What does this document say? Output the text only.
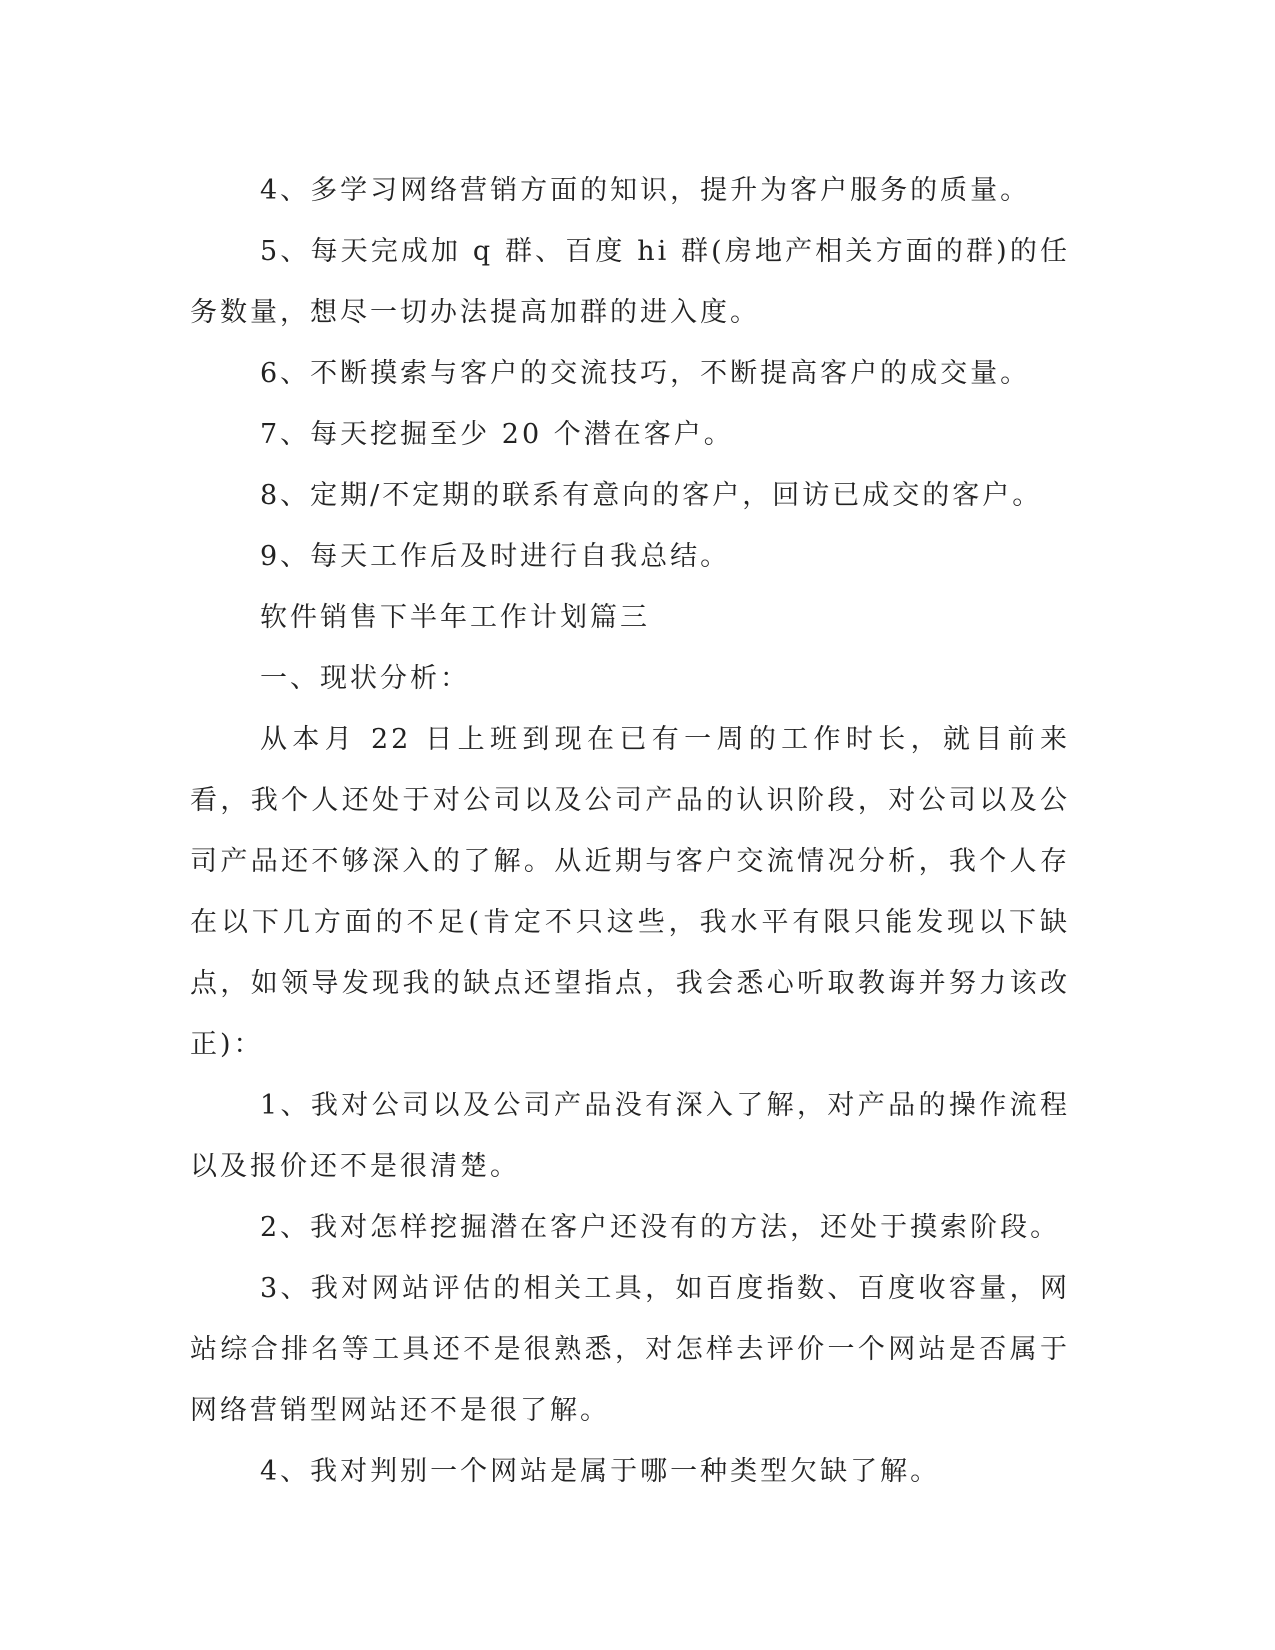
4、多学习网络营销方面的知识，提升为客户服务的质量。

5、每天完成加 q 群、百度 hi 群(房地产相关方面的群)的任务数量，想尽一切办法提高加群的进入度。

6、不断摸索与客户的交流技巧，不断提高客户的成交量。

7、每天挖掘至少 20 个潜在客户。

8、定期/不定期的联系有意向的客户，回访已成交的客户。

9、每天工作后及时进行自我总结。

软件销售下半年工作计划篇三

一、现状分析：

从本月 22 日上班到现在已有一周的工作时长，就目前来看，我个人还处于对公司以及公司产品的认识阶段，对公司以及公司产品还不够深入的了解。从近期与客户交流情况分析，我个人存在以下几方面的不足(肯定不只这些，我水平有限只能发现以下缺点，如领导发现我的缺点还望指点，我会悉心听取教诲并努力该改正)：

1、我对公司以及公司产品没有深入了解，对产品的操作流程以及报价还不是很清楚。

2、我对怎样挖掘潜在客户还没有的方法，还处于摸索阶段。

3、我对网站评估的相关工具，如百度指数、百度收容量，网站综合排名等工具还不是很熟悉，对怎样去评价一个网站是否属于网络营销型网站还不是很了解。

4、我对判别一个网站是属于哪一种类型欠缺了解。
